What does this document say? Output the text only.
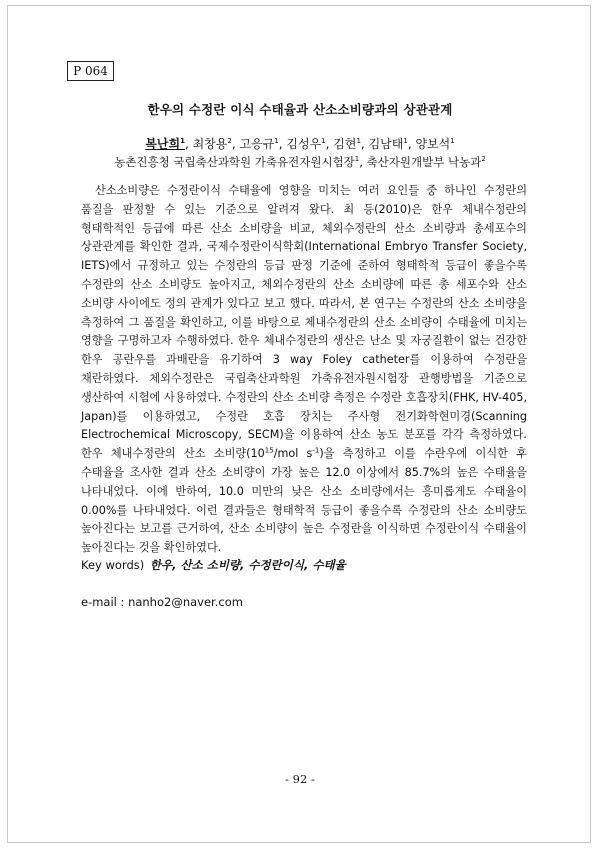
P 064
한우의 수정란 이식 수태율과 산소소비량과의 상관관계
복난희$^1$, 최창용$^2$, 고응규$^1$, 김성우$^1$, 김현$^1$, 김남태$^1$, 양보석$^1$
농촌진흥청 국립축산과학원 가축유전자원시험장$^1$, 축산자원개발부 낙농과$^2$

산소소비량은 수정란이식 수태율에 영향을 미치는 여러 요인들 중 하나인 수정란의 품질을 판정할 수 있는 기준으로 알려져 왔다. 최 등(2010)은 한우 체내수정란의 형태학적인 등급에 따른 산소 소비량을 비교, 체외수정란의 산소 소비량과 총세포수의 상관관계를 확인한 결과, 국제수정란이식학회(International Embryo Transfer Society, IETS)에서 규정하고 있는 수정란의 등급 판정 기준에 준하여 형태학적 등급이 좋을수록 수정란의 산소 소비량도 높아지고, 체외수정란의 산소 소비량에 따른 총 세포수와 산소 소비량 사이에도 정의 관계가 있다고 보고 했다. 따라서, 본 연구는 수정란의 산소 소비량을 측정하여 그 품질을 확인하고, 이를 바탕으로 체내수정란의 산소 소비량이 수태율에 미치는 영향을 구명하고자 수행하였다. 한우 체내수정란의 생산은 난소 및 자궁질환이 없는 건강한 한우 공란우를 과배란을 유기하여 3 way Foley catheter를 이용하여 수정란을 채란하였다. 체외수정란은 국립축산과학원 가축유전자원시험장 관행방법을 기준으로 생산하여 시험에 사용하였다. 수정란의 산소 소비량 측정은 수정란 호흡장치(FHK, HV-405, Japan)를 이용하였고, 수정란 호흡 장치는 주사형 전기화학현미경(Scanning Electrochemical Microscopy, SECM)을 이용하여 산소 농도 분포를 각각 측정하였다. 한우 체내수정란의 산소 소비량($10^{15}$/mol $s^{-1}$)을 측정하고 이를 수란우에 이식한 후 수태율을 조사한 결과 산소 소비량이 가장 높은 12.0 이상에서 85.7%의 높은 수태율을 나타내었다. 이에 반하여, 10.0 미만의 낮은 산소 소비량에서는 흥미롭게도 수태율이 0.00%를 나타내었다. 이런 결과들은 형태학적 등급이 좋을수록 수정란의 산소 소비량도 높아진다는 보고를 근거하여, 산소 소비량이 높은 수정란을 이식하면 수정란이식 수태율이 높아진다는 것을 확인하였다.

Key words) 한우, 산소 소비량, 수정란이식, 수태율
e-mail : nanho2@naver.com
- 92 -
